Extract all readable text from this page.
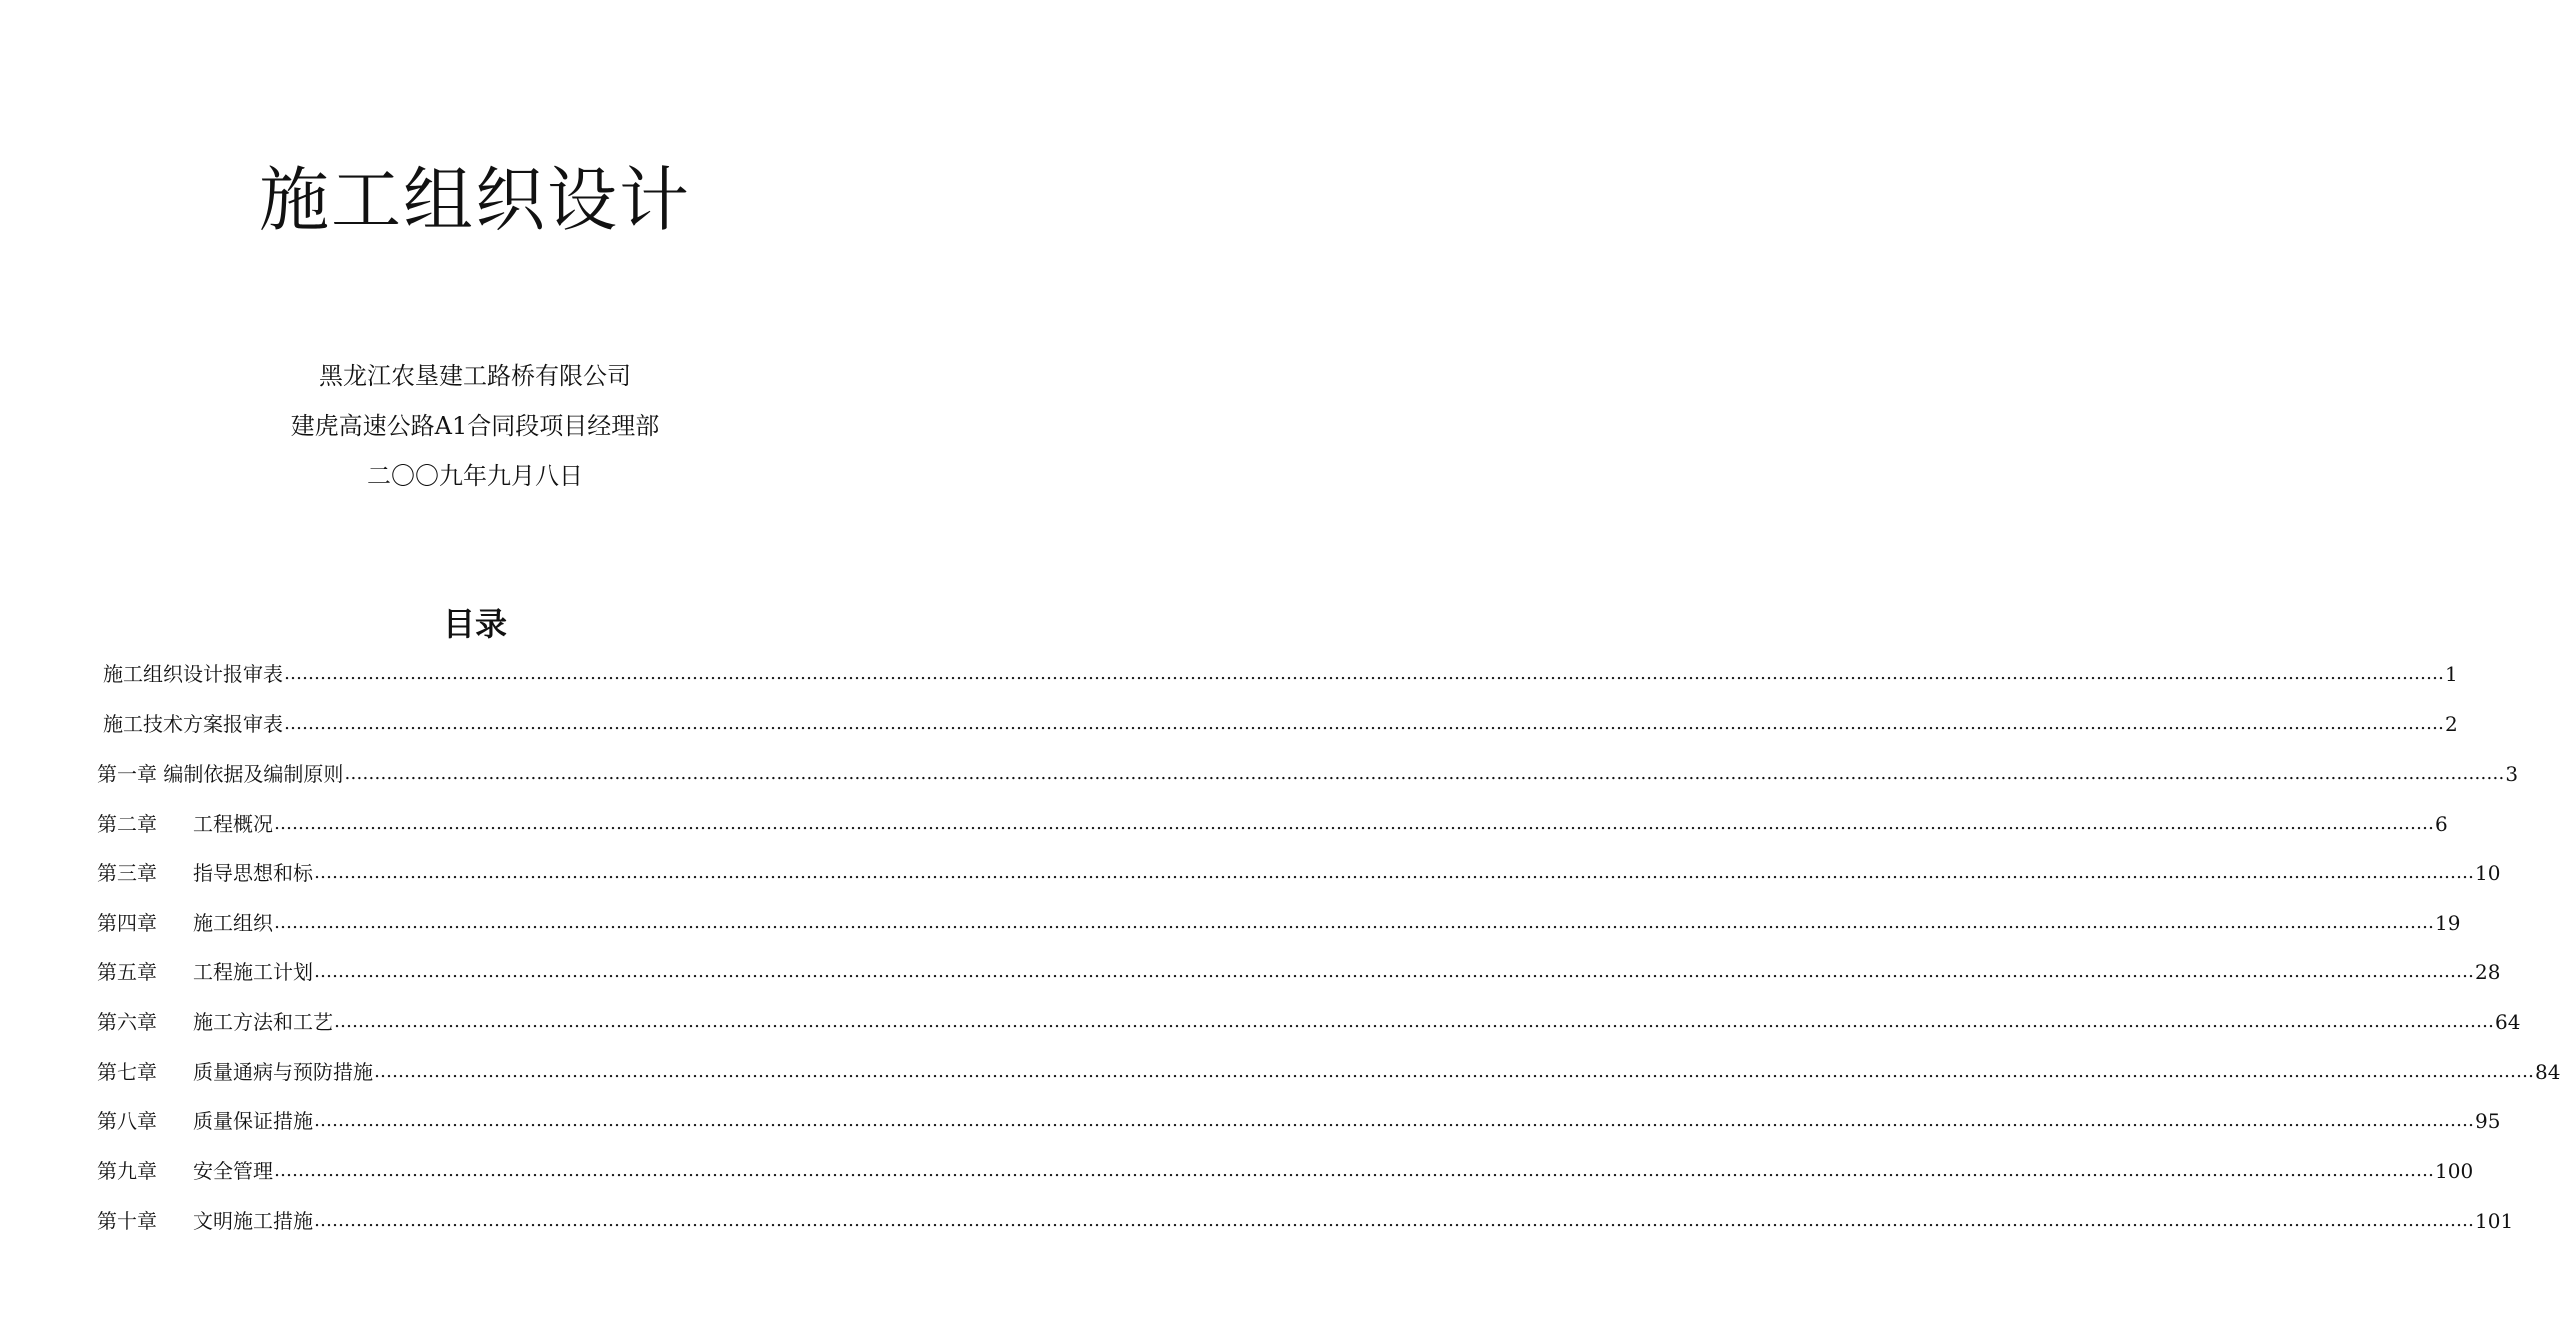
施工组织设计
黑龙江农垦建工路桥有限公司
建虎高速公路A1合同段项目经理部
二〇〇九年九月八日
目录
施工组织设计报审表 ……………………………………………………………………………………………………………………………………………………………………………………………………………………………………………………………………………………………………………………………… 1
施工技术方案报审表 ……………………………………………………………………………………………………………………………………………………………………………………………………………………………………………………………………………………………………………………………… 2
第一章 编制依据及编制原则 ……………………………………………………………………………………………………………………………………………………………………………………………………………………………………………………………………………………………………………………………… 3
第二章	工程概况 ……………………………………………………………………………………………………………………………………………………………………………………………………………………………………………………………………………………………………………………………… 6
第三章	指导思想和标 ……………………………………………………………………………………………………………………………………………………………………………………………………………………………………………………………………………………………………………………………… 10
第四章	施工组织 ……………………………………………………………………………………………………………………………………………………………………………………………………………………………………………………………………………………………………………………………… 19
第五章	工程施工计划 ……………………………………………………………………………………………………………………………………………………………………………………………………………………………………………………………………………………………………………………………… 28
第六章	施工方法和工艺 ……………………………………………………………………………………………………………………………………………………………………………………………………………………………………………………………………………………………………………………………… 64
第七章	质量通病与预防措施 ……………………………………………………………………………………………………………………………………………………………………………………………………………………………………………………………………………………………………………………………… 84
第八章	质量保证措施 ……………………………………………………………………………………………………………………………………………………………………………………………………………………………………………………………………………………………………………………………… 95
第九章	安全管理 ……………………………………………………………………………………………………………………………………………………………………………………………………………………………………………………………………………………………………………………………… 100
第十章	文明施工措施 ……………………………………………………………………………………………………………………………………………………………………………………………………………………………………………………………………………………………………………………………… 101
